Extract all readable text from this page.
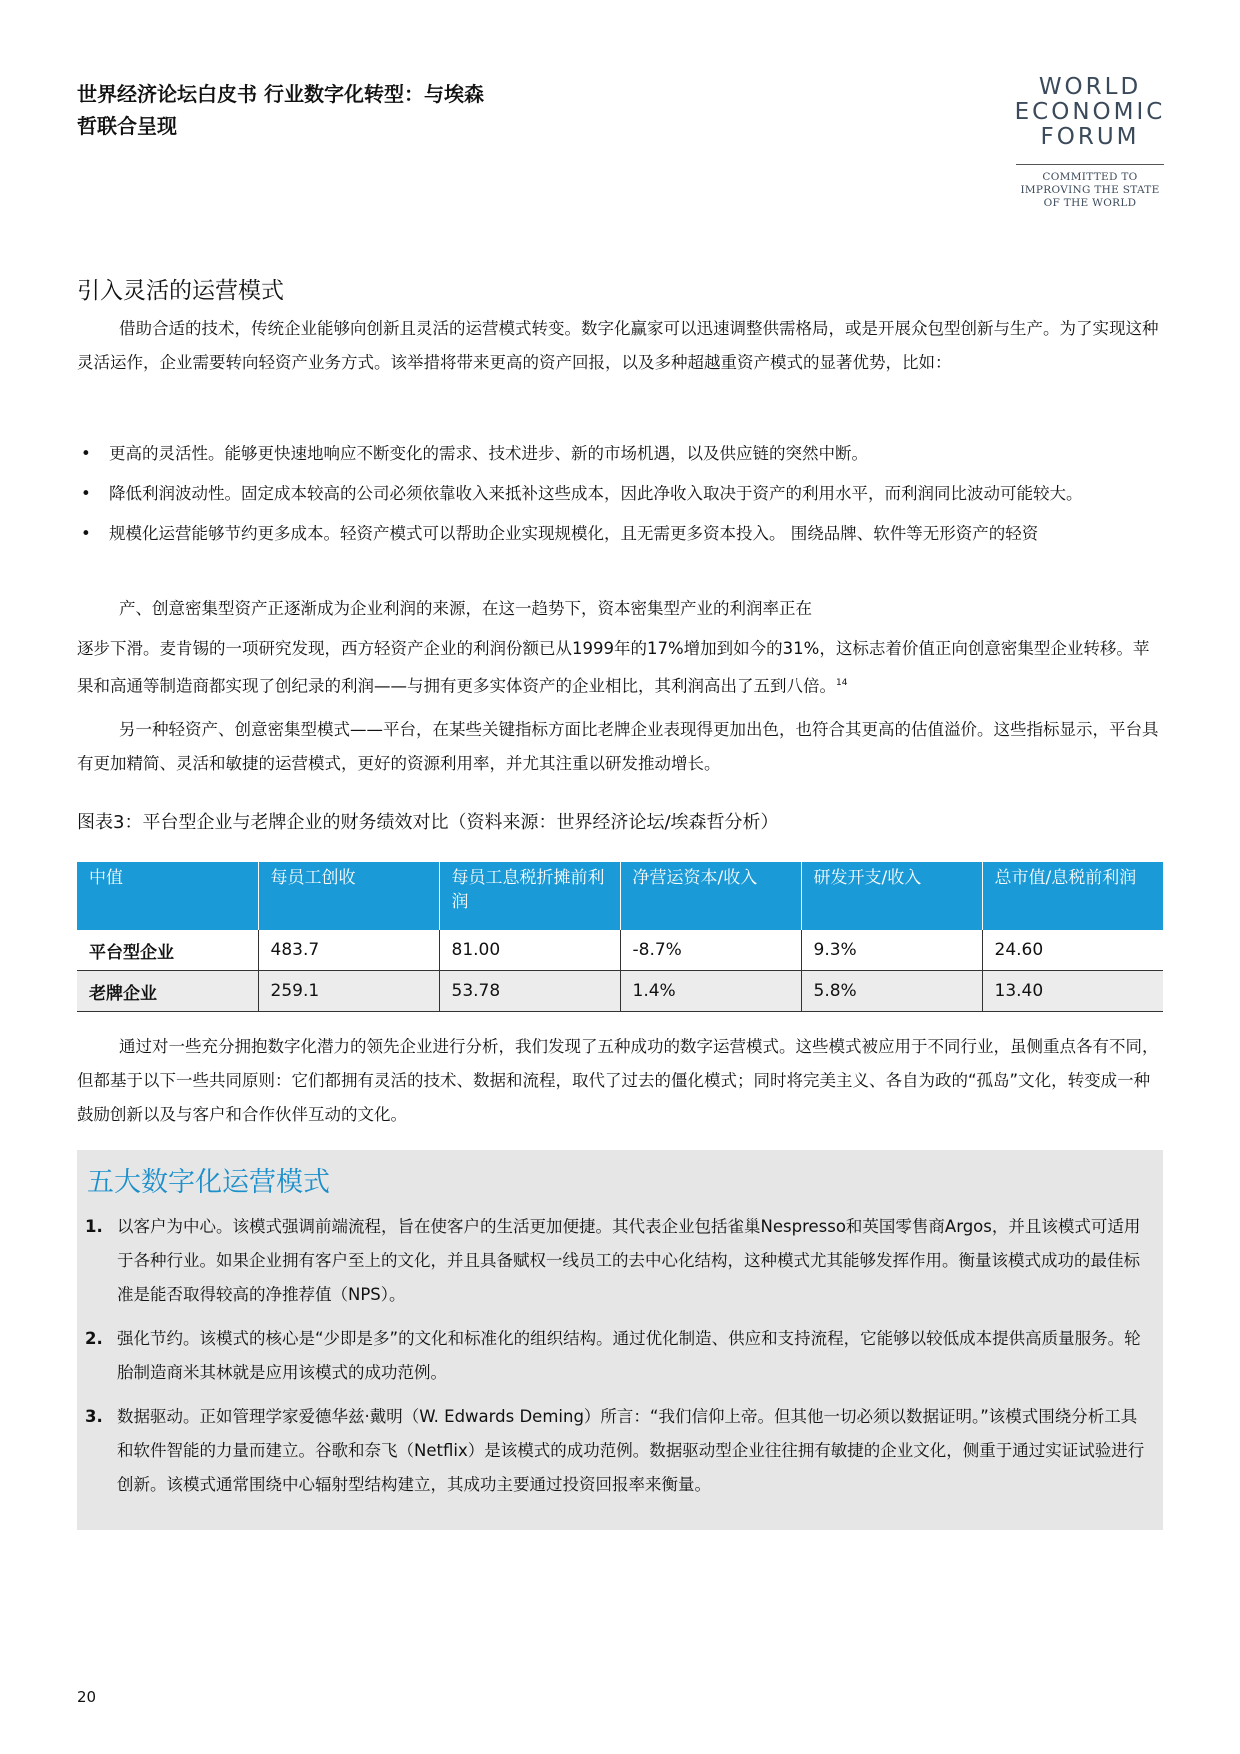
世界经济论坛白皮书 行业数字化转型：与埃森哲联合呈现
WORLD
ECONOMIC
FORUM
COMMITTED TO
IMPROVING THE STATE
OF THE WORLD
引入灵活的运营模式
借助合适的技术，传统企业能够向创新且灵活的运营模式转变。数字化赢家可以迅速调整供需格局，或是开展众包型创新与生产。为了实现这种灵活运作，企业需要转向轻资产业务方式。该举措将带来更高的资产回报，以及多种超越重资产模式的显著优势，比如：
• 更高的灵活性。能够更快速地响应不断变化的需求、技术进步、新的市场机遇，以及供应链的突然中断。
• 降低利润波动性。固定成本较高的公司必须依靠收入来抵补这些成本，因此净收入取决于资产的利用水平，而利润同比波动可能较大。
• 规模化运营能够节约更多成本。轻资产模式可以帮助企业实现规模化，且无需更多资本投入。 围绕品牌、软件等无形资产的轻资
产、创意密集型资产正逐渐成为企业利润的来源，在这一趋势下，资本密集型产业的利润率正在
逐步下滑。麦肯锡的一项研究发现，西方轻资产企业的利润份额已从1999年的17%增加到如今的31%，这标志着价值正向创意密集型企业转移。苹果和高通等制造商都实现了创纪录的利润——与拥有更多实体资产的企业相比，其利润高出了五到八倍。$^{14}$
另一种轻资产、创意密集型模式——平台，在某些关键指标方面比老牌企业表现得更加出色，也符合其更高的估值溢价。这些指标显示，平台具有更加精简、灵活和敏捷的运营模式，更好的资源利用率，并尤其注重以研发推动增长。
图表3：平台型企业与老牌企业的财务绩效对比（资料来源：世界经济论坛/埃森哲分析）
中值	每员工创收	每员工息税折摊前利润	净营运资本/收入	研发开支/收入	总市值/息税前利润
平台型企业	483.7	81.00	-8.7%	9.3%	24.60
老牌企业	259.1	53.78	1.4%	5.8%	13.40
通过对一些充分拥抱数字化潜力的领先企业进行分析，我们发现了五种成功的数字运营模式。这些模式被应用于不同行业，虽侧重点各有不同，但都基于以下一些共同原则：它们都拥有灵活的技术、数据和流程，取代了过去的僵化模式；同时将完美主义、各自为政的“孤岛”文化，转变成一种鼓励创新以及与客户和合作伙伴互动的文化。
五大数字化运营模式
1. 以客户为中心。该模式强调前端流程，旨在使客户的生活更加便捷。其代表企业包括雀巢Nespresso和英国零售商Argos，并且该模式可适用于各种行业。如果企业拥有客户至上的文化，并且具备赋权一线员工的去中心化结构，这种模式尤其能够发挥作用。衡量该模式成功的最佳标准是能否取得较高的净推荐值（NPS）。
2. 强化节约。该模式的核心是“少即是多”的文化和标准化的组织结构。通过优化制造、供应和支持流程，它能够以较低成本提供高质量服务。轮胎制造商米其林就是应用该模式的成功范例。
3. 数据驱动。正如管理学家爱德华兹·戴明（W. Edwards Deming）所言：“我们信仰上帝。但其他一切必须以数据证明。”该模式围绕分析工具和软件智能的力量而建立。谷歌和奈飞（Netflix）是该模式的成功范例。数据驱动型企业往往拥有敏捷的企业文化，侧重于通过实证试验进行创新。该模式通常围绕中心辐射型结构建立，其成功主要通过投资回报率来衡量。
20
